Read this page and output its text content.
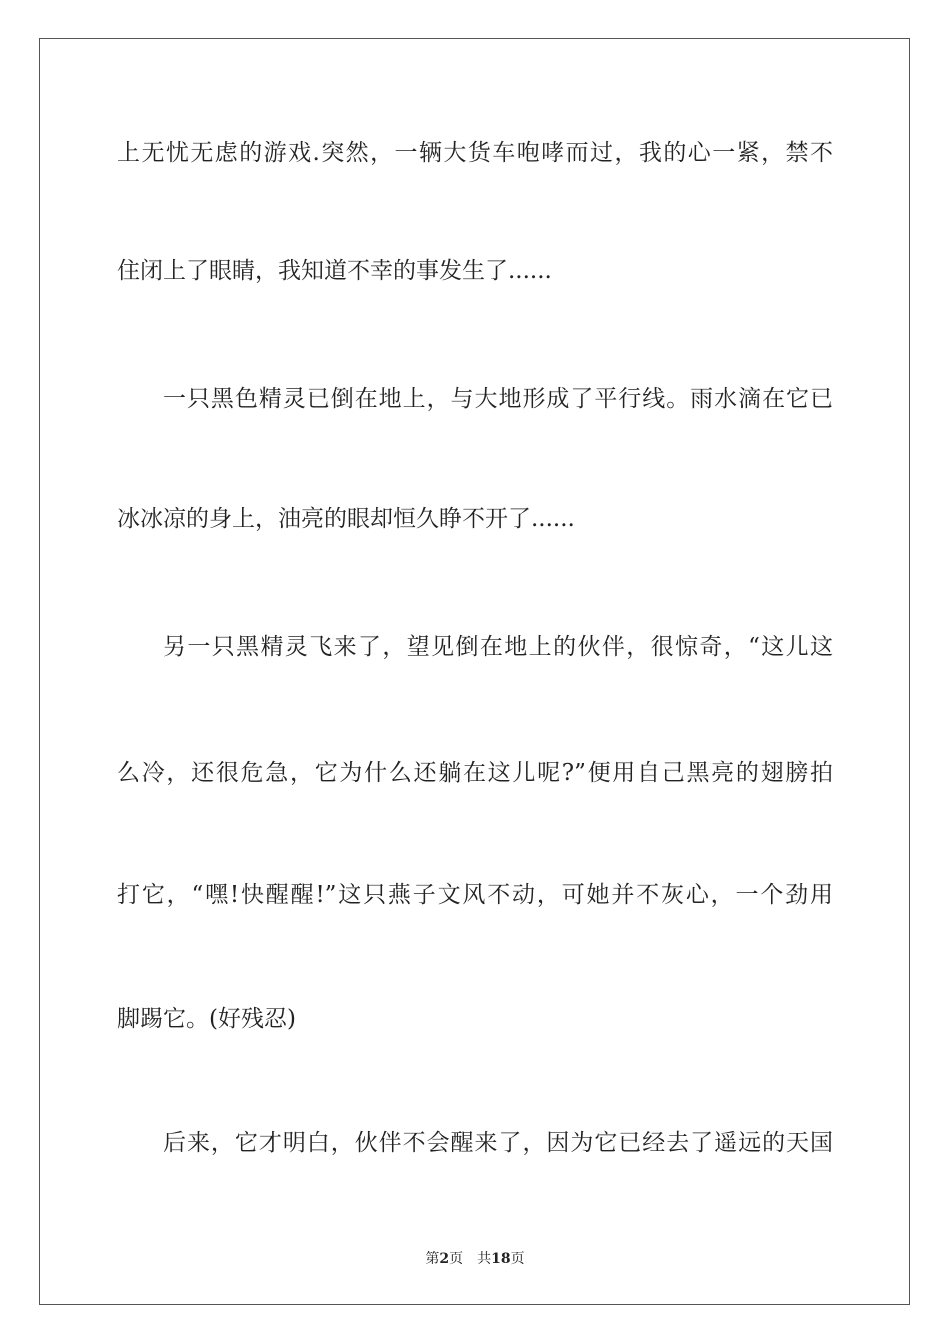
上无忧无虑的游戏.突然，一辆大货车咆哮而过，我的心一紧，禁不
住闭上了眼睛，我知道不幸的事发生了......
一只黑色精灵已倒在地上，与大地形成了平行线。雨水滴在它已
冰冰凉的身上，油亮的眼却恒久睁不开了......
另一只黑精灵飞来了，望见倒在地上的伙伴，很惊奇，“这儿这
么冷，还很危急，它为什么还躺在这儿呢?”便用自己黑亮的翅膀拍
打它，“嘿!快醒醒!”这只燕子文风不动，可她并不灰心，一个劲用
脚踢它。(好残忍)
后来，它才明白，伙伴不会醒来了，因为它已经去了遥远的天国
第2页 共18页
